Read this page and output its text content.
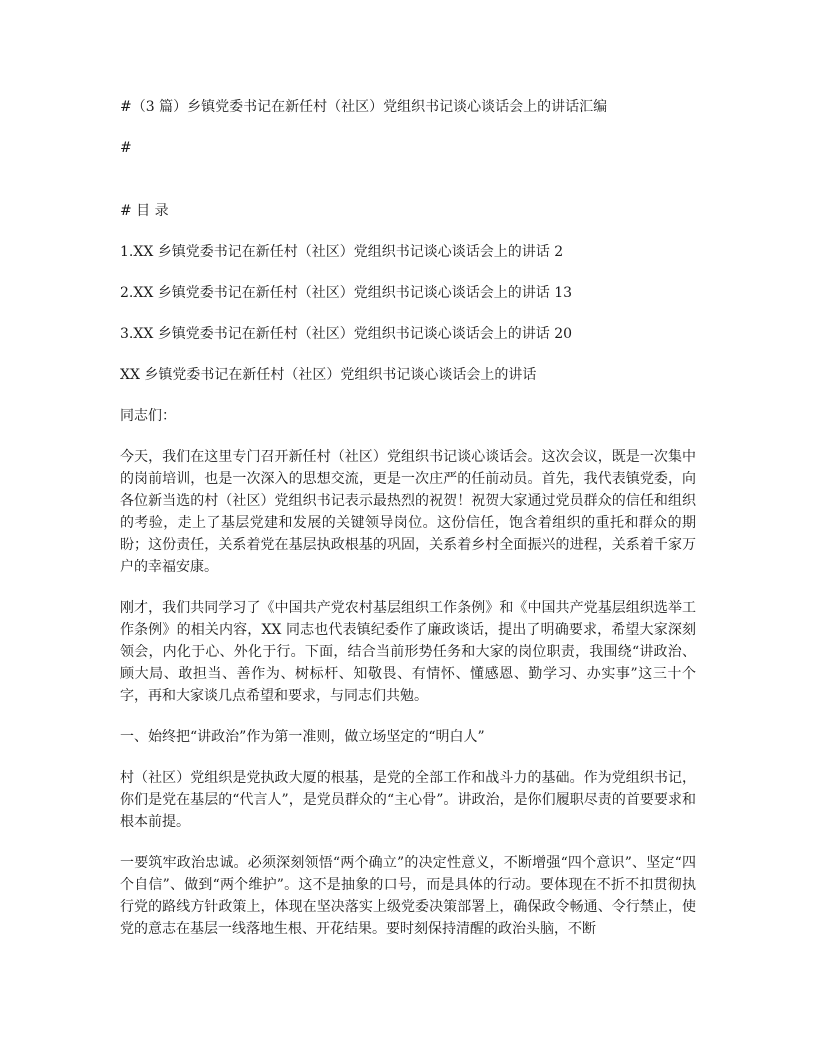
#（3 篇）乡镇党委书记在新任村（社区）党组织书记谈心谈话会上的讲话汇编

#

# 目 录

1.XX 乡镇党委书记在新任村（社区）党组织书记谈心谈话会上的讲话 2

2.XX 乡镇党委书记在新任村（社区）党组织书记谈心谈话会上的讲话 13

3.XX 乡镇党委书记在新任村（社区）党组织书记谈心谈话会上的讲话 20

XX 乡镇党委书记在新任村（社区）党组织书记谈心谈话会上的讲话

同志们：

今天，我们在这里专门召开新任村（社区）党组织书记谈心谈话会。这次会议，既是一次集中的岗前培训，也是一次深入的思想交流，更是一次庄严的任前动员。首先，我代表镇党委，向各位新当选的村（社区）党组织书记表示最热烈的祝贺！祝贺大家通过党员群众的信任和组织的考验，走上了基层党建和发展的关键领导岗位。这份信任，饱含着组织的重托和群众的期盼；这份责任，关系着党在基层执政根基的巩固，关系着乡村全面振兴的进程，关系着千家万户的幸福安康。

刚才，我们共同学习了《中国共产党农村基层组织工作条例》和《中国共产党基层组织选举工作条例》的相关内容，XX 同志也代表镇纪委作了廉政谈话，提出了明确要求，希望大家深刻领会，内化于心、外化于行。下面，结合当前形势任务和大家的岗位职责，我围绕“讲政治、顾大局、敢担当、善作为、树标杆、知敬畏、有情怀、懂感恩、勤学习、办实事”这三十个字，再和大家谈几点希望和要求，与同志们共勉。

一、始终把“讲政治”作为第一准则，做立场坚定的“明白人”

村（社区）党组织是党执政大厦的根基，是党的全部工作和战斗力的基础。作为党组织书记，你们是党在基层的“代言人”，是党员群众的“主心骨”。讲政治，是你们履职尽责的首要要求和根本前提。

一要筑牢政治忠诚。必须深刻领悟“两个确立”的决定性意义，不断增强“四个意识”、坚定“四个自信”、做到“两个维护”。这不是抽象的口号，而是具体的行动。要体现在不折不扣贯彻执行党的路线方针政策上，体现在坚决落实上级党委决策部署上，确保政令畅通、令行禁止，使党的意志在基层一线落地生根、开花结果。要时刻保持清醒的政治头脑，不断
